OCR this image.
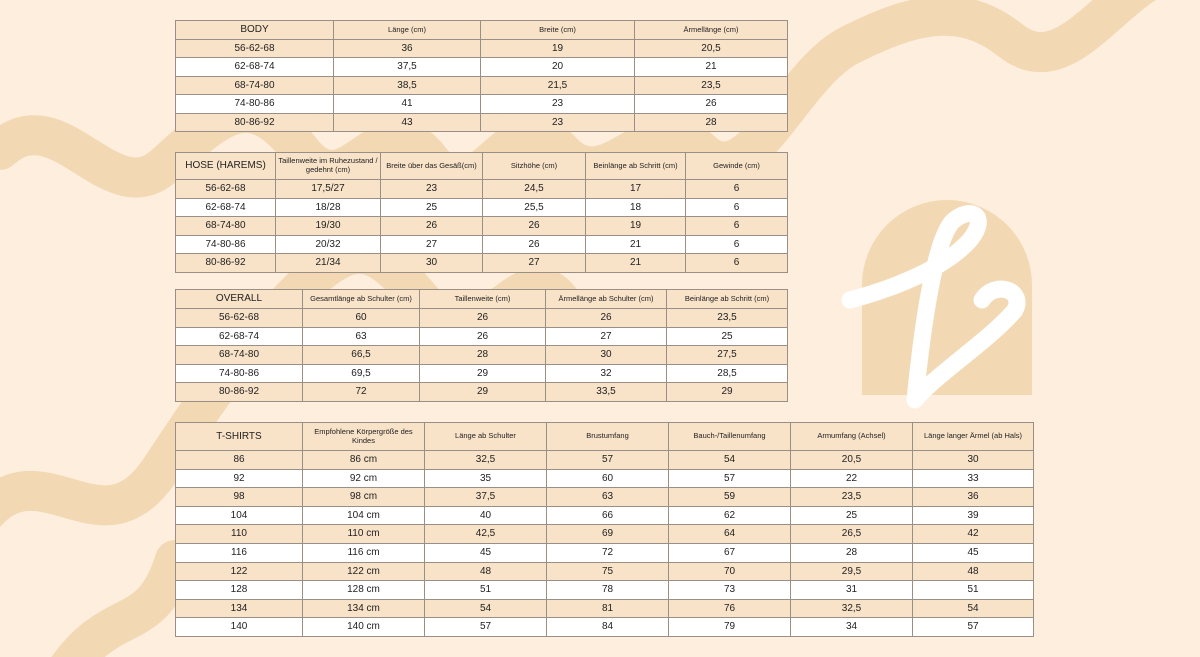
BODY	Länge (cm)	Breite (cm)	Ärmellänge (cm)
56-62-68	36	19	20,5
62-68-74	37,5	20	21
68-74-80	38,5	21,5	23,5
74-80-86	41	23	26
80-86-92	43	23	28
HOSE (HAREMS)	Taillenweite im Ruhezustand / gedehnt (cm)	Breite über das Gesäß(cm)	Sitzhöhe (cm)	Beinlänge ab Schritt (cm)	Gewinde (cm)
56-62-68	17,5/27	23	24,5	17	6
62-68-74	18/28	25	25,5	18	6
68-74-80	19/30	26	26	19	6
74-80-86	20/32	27	26	21	6
80-86-92	21/34	30	27	21	6
OVERALL	Gesamtlänge ab Schulter (cm)	Taillenweite (cm)	Ärmellänge ab Schulter (cm)	Beinlänge ab Schritt (cm)
56-62-68	60	26	26	23,5
62-68-74	63	26	27	25
68-74-80	66,5	28	30	27,5
74-80-86	69,5	29	32	28,5
80-86-92	72	29	33,5	29
T-SHIRTS	Empfohlene Körpergröße des Kindes	Länge ab Schulter	Brustumfang	Bauch-/Taillenumfang	Armumfang (Achsel)	Länge langer Ärmel (ab Hals)
86	86 cm	32,5	57	54	20,5	30
92	92 cm	35	60	57	22	33
98	98 cm	37,5	63	59	23,5	36
104	104 cm	40	66	62	25	39
110	110 cm	42,5	69	64	26,5	42
116	116 cm	45	72	67	28	45
122	122 cm	48	75	70	29,5	48
128	128 cm	51	78	73	31	51
134	134 cm	54	81	76	32,5	54
140	140 cm	57	84	79	34	57
